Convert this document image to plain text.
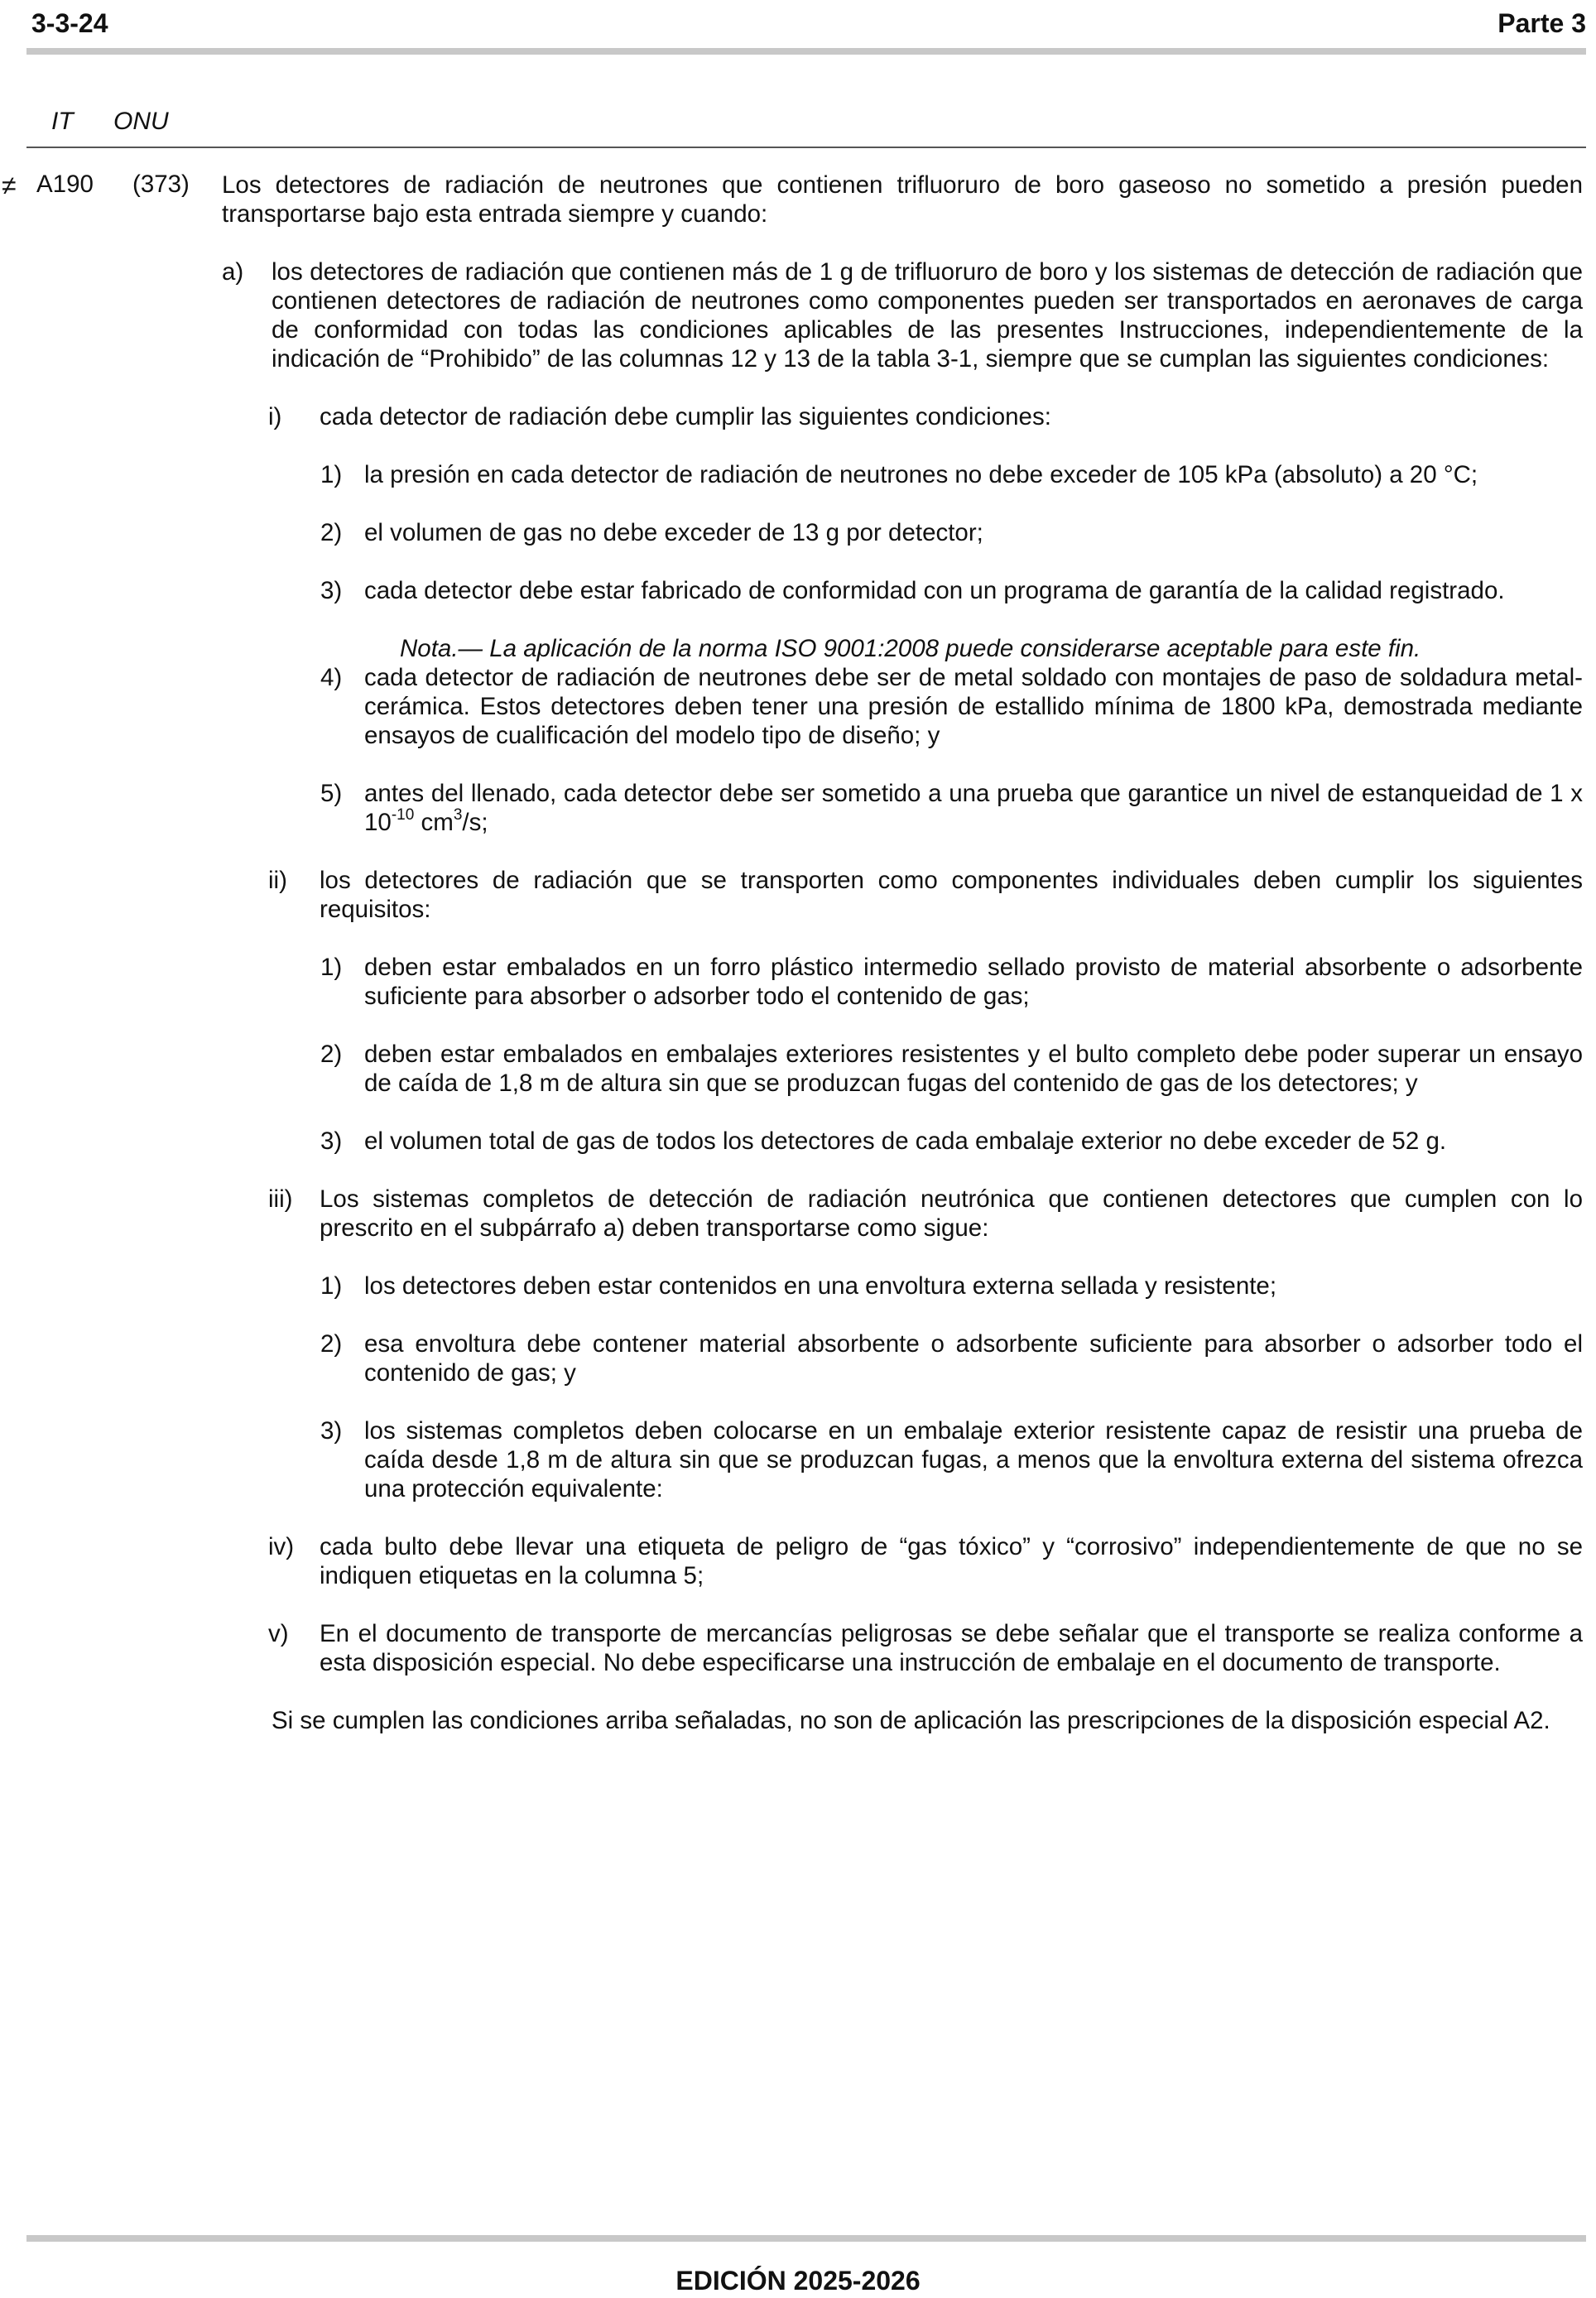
3-3-24	Parte 3
IT ONU
≠ A190 (373) Los detectores de radiación de neutrones que contienen trifluoruro de boro gaseoso no sometido a presión pueden transportarse bajo esta entrada siempre y cuando:

a) los detectores de radiación que contienen más de 1 g de trifluoruro de boro y los sistemas de detección de radiación que contienen detectores de radiación de neutrones como componentes pueden ser transportados en aeronaves de carga de conformidad con todas las condiciones aplicables de las presentes Instrucciones, independientemente de la indicación de “Prohibido” de las columnas 12 y 13 de la tabla 3-1, siempre que se cumplan las siguientes condiciones:

i) cada detector de radiación debe cumplir las siguientes condiciones:

1) la presión en cada detector de radiación de neutrones no debe exceder de 105 kPa (absoluto) a 20 °C;

2) el volumen de gas no debe exceder de 13 g por detector;

3) cada detector debe estar fabricado de conformidad con un programa de garantía de la calidad registrado.

Nota.— La aplicación de la norma ISO 9001:2008 puede considerarse aceptable para este fin.

4) cada detector de radiación de neutrones debe ser de metal soldado con montajes de paso de soldadura metal-cerámica. Estos detectores deben tener una presión de estallido mínima de 1800 kPa, demostrada mediante ensayos de cualificación del modelo tipo de diseño; y

5) antes del llenado, cada detector debe ser sometido a una prueba que garantice un nivel de estanqueidad de 1 x $10^{-10}$ $cm^3/s$;

ii) los detectores de radiación que se transporten como componentes individuales deben cumplir los siguientes requisitos:

1) deben estar embalados en un forro plástico intermedio sellado provisto de material absorbente o adsorbente suficiente para absorber o adsorber todo el contenido de gas;

2) deben estar embalados en embalajes exteriores resistentes y el bulto completo debe poder superar un ensayo de caída de 1,8 m de altura sin que se produzcan fugas del contenido de gas de los detectores; y

3) el volumen total de gas de todos los detectores de cada embalaje exterior no debe exceder de 52 g.

iii) Los sistemas completos de detección de radiación neutrónica que contienen detectores que cumplen con lo prescrito en el subpárrafo a) deben transportarse como sigue:

1) los detectores deben estar contenidos en una envoltura externa sellada y resistente;

2) esa envoltura debe contener material absorbente o adsorbente suficiente para absorber o adsorber todo el contenido de gas; y

3) los sistemas completos deben colocarse en un embalaje exterior resistente capaz de resistir una prueba de caída desde 1,8 m de altura sin que se produzcan fugas, a menos que la envoltura externa del sistema ofrezca una protección equivalente:

iv) cada bulto debe llevar una etiqueta de peligro de “gas tóxico” y “corrosivo” independientemente de que no se indiquen etiquetas en la columna 5;

v) En el documento de transporte de mercancías peligrosas se debe señalar que el transporte se realiza conforme a esta disposición especial. No debe especificarse una instrucción de embalaje en el documento de transporte.

Si se cumplen las condiciones arriba señaladas, no son de aplicación las prescripciones de la disposición especial A2.

EDICIÓN 2025-2026
